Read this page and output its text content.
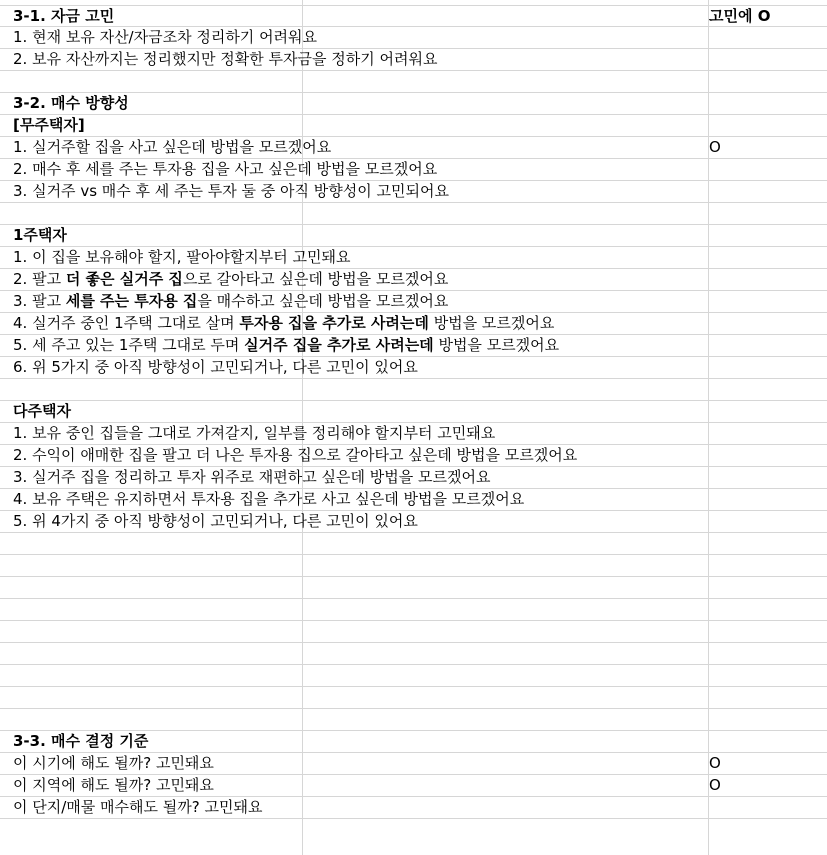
3-1. 자금 고민	고민에 O
1. 현재 보유 자산/자금조차 정리하기 어려워요
2. 보유 자산까지는 정리했지만 정확한 투자금을 정하기 어려워요
3-2. 매수 방향성
[무주택자]
1. 실거주할 집을 사고 싶은데 방법을 모르겠어요	O
2. 매수 후 세를 주는 투자용 집을 사고 싶은데 방법을 모르겠어요
3. 실거주 vs 매수 후 세 주는 투자 둘 중 아직 방향성이 고민되어요
1주택자
1. 이 집을 보유해야 할지, 팔아야할지부터 고민돼요
2. 팔고 더 좋은 실거주 집으로 갈아타고 싶은데 방법을 모르겠어요
3. 팔고 세를 주는 투자용 집을 매수하고 싶은데 방법을 모르겠어요
4. 실거주 중인 1주택 그대로 살며 투자용 집을 추가로 사려는데 방법을 모르겠어요
5. 세 주고 있는 1주택 그대로 두며 실거주 집을 추가로 사려는데 방법을 모르겠어요
6. 위 5가지 중 아직 방향성이 고민되거나, 다른 고민이 있어요
다주택자
1. 보유 중인 집들을 그대로 가져갈지, 일부를 정리해야 할지부터 고민돼요
2. 수익이 애매한 집을 팔고 더 나은 투자용 집으로 갈아타고 싶은데 방법을 모르겠어요
3. 실거주 집을 정리하고 투자 위주로 재편하고 싶은데 방법을 모르겠어요
4. 보유 주택은 유지하면서 투자용 집을 추가로 사고 싶은데 방법을 모르겠어요
5. 위 4가지 중 아직 방향성이 고민되거나, 다른 고민이 있어요
3-3. 매수 결정 기준
이 시기에 해도 될까? 고민돼요	O
이 지역에 해도 될까? 고민돼요	O
이 단지/매물 매수해도 될까? 고민돼요
